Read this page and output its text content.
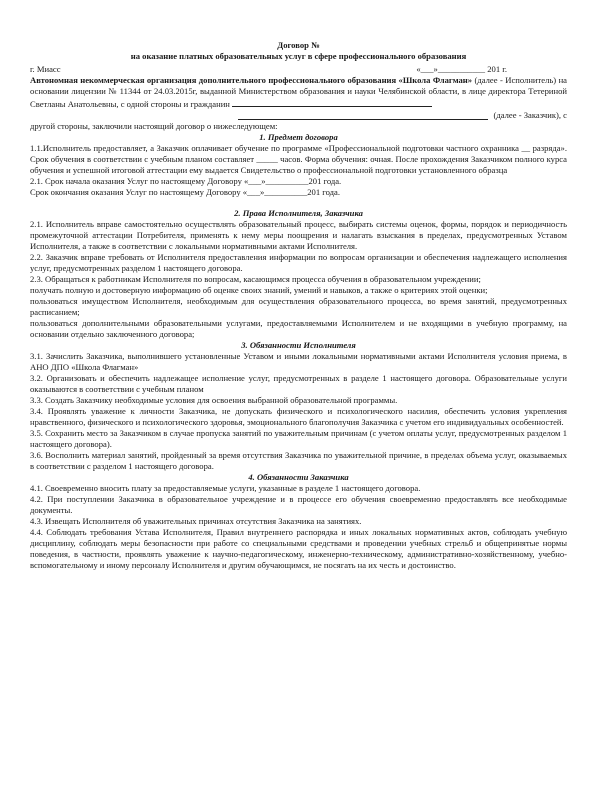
Договор №

на оказание платных образовательных услуг в сфере профессионального образования

г. Миасс	«___»___________ 201 г.

Автономная некоммерческая организация дополнительного профессионального образования «Школа Флагман» (далее - Исполнитель) на основании лицензии № 11344 от 24.03.2015г, выданной Министерством образования и науки Челябинской области, в лице директора Тетериной Светланы Анатольевны, с одной стороны и гражданин

(далее - Заказчик), с

другой стороны, заключили настоящий договор о нижеследующем:

1. Предмет договора

1.1.Исполнитель предоставляет, а Заказчик оплачивает обучение по программе «Профессиональной подготовки частного охранника __ разряда». Срок обучения в соответствии с учебным планом составляет _____ часов. Форма обучения: очная. После прохождения Заказчиком полного курса обучения и успешной итоговой аттестации ему выдается Свидетельство о профессиональной подготовки установленного образца

2.1. Срок начала оказания Услуг по настоящему Договору «___»__________201 года.

Срок окончания оказания Услуг по настоящему Договору «___»__________201 года.

2. Права Исполнителя, Заказчика

2.1. Исполнитель вправе самостоятельно осуществлять образовательный процесс, выбирать системы оценок, формы, порядок и периодичность промежуточной аттестации Потребителя, применять к нему меры поощрения и налагать взыскания в пределах, предусмотренных Уставом Исполнителя, а также в соответствии с локальными нормативными актами Исполнителя.

2.2. Заказчик вправе требовать от Исполнителя предоставления информации по вопросам организации и обеспечения надлежащего исполнения услуг, предусмотренных разделом 1 настоящего договора.

2.3. Обращаться к работникам Исполнителя по вопросам, касающимся процесса обучения в образовательном учреждении;

получать полную и достоверную информацию об оценке своих знаний, умений и навыков, а также о критериях этой оценки;

пользоваться имуществом Исполнителя, необходимым для осуществления образовательного процесса, во время занятий, предусмотренных расписанием;

пользоваться дополнительными образовательными услугами, предоставляемыми Исполнителем и не входящими в учебную программу, на основании отдельно заключенного договора;

3. Обязанности Исполнителя

3.1. Зачислить Заказчика, выполнившего установленные Уставом и иными локальными нормативными актами Исполнителя условия приема, в АНО ДПО «Школа Флагман»

3.2. Организовать и обеспечить надлежащее исполнение услуг, предусмотренных в разделе 1 настоящего договора. Образовательные услуги оказываются в соответствии с учебным планом

3.3. Создать Заказчику необходимые условия для освоения выбранной образовательной программы.

3.4. Проявлять уважение к личности Заказчика, не допускать физического и психологического насилия, обеспечить условия укрепления нравственного, физического и психологического здоровья, эмоционального благополучия Заказчика с учетом его индивидуальных особенностей.

3.5. Сохранить место за Заказчиком в случае пропуска занятий по уважительным причинам (с учетом оплаты услуг, предусмотренных разделом 1 настоящего договора).

3.6. Восполнить материал занятий, пройденный за время отсутствия Заказчика по уважительной причине, в пределах объема услуг, оказываемых в соответствии с разделом 1 настоящего договора.

4. Обязанности Заказчика

4.1. Своевременно вносить плату за предоставляемые услуги, указанные в разделе 1 настоящего договора.

4.2. При поступлении Заказчика в образовательное учреждение и в процессе его обучения своевременно предоставлять все необходимые документы.

4.3. Извещать Исполнителя об уважительных причинах отсутствия Заказчика на занятиях.

4.4. Соблюдать требования Устава Исполнителя, Правил внутреннего распорядка и иных локальных нормативных актов, соблюдать учебную дисциплину, соблюдать меры безопасности при работе со специальными средствами и проведении учебных стрельб и общепринятые нормы поведения, в частности, проявлять уважение к научно-педагогическому, инженерно-техническому, административно-хозяйственному, учебно-вспомогательному и иному персоналу Исполнителя и другим обучающимся, не посягать на их честь и достоинство.
